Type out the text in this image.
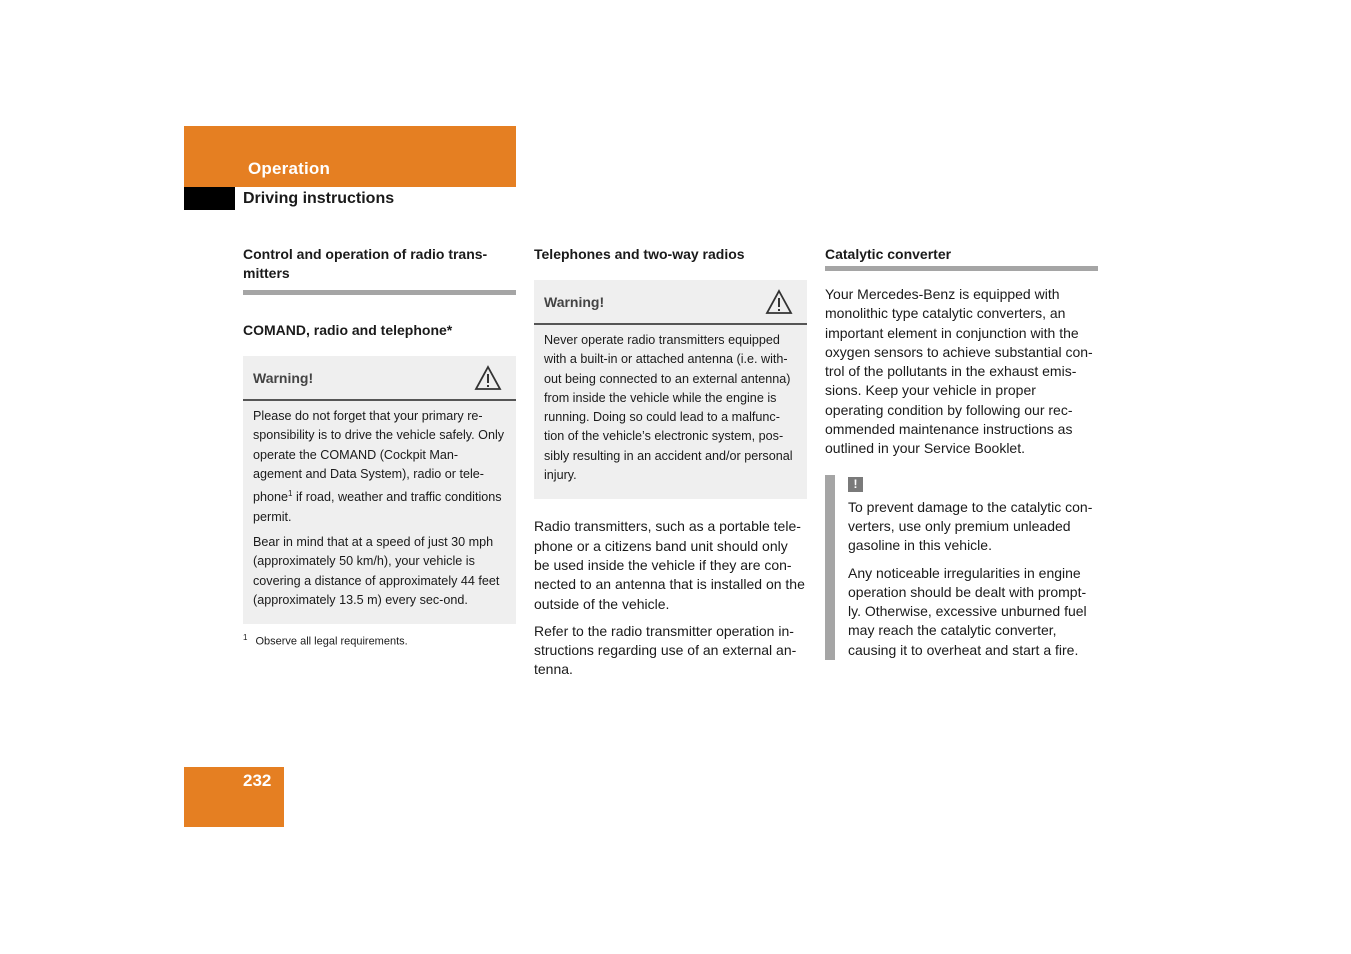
Operation
Driving instructions

Control and operation of radio trans-mitters

COMAND, radio and telephone*
Warning!

Please do not forget that your primary re-sponsibility is to drive the vehicle safely. Only operate the COMAND (Cockpit Man-agement and Data System), radio or tele-phone$^1$ if road, weather and traffic conditions permit.

Bear in mind that at a speed of just 30 mph (approximately 50 km/h), your vehicle is covering a distance of approximately 44 feet (approximately 13.5 m) every sec-ond.

$^1$ Observe all legal requirements.

Telephones and two-way radios

Warning!

Never operate radio transmitters equipped with a built-in or attached antenna (i.e. with-out being connected to an external antenna) from inside the vehicle while the engine is running. Doing so could lead to a malfunc-tion of the vehicle’s electronic system, pos-sibly resulting in an accident and/or personal injury.

Radio transmitters, such as a portable tele-phone or a citizens band unit should only be used inside the vehicle if they are con-nected to an antenna that is installed on the outside of the vehicle.

Refer to the radio transmitter operation in-structions regarding use of an external an-tenna.

Catalytic converter

Your Mercedes-Benz is equipped with monolithic type catalytic converters, an important element in conjunction with the oxygen sensors to achieve substantial con-trol of the pollutants in the exhaust emis-sions. Keep your vehicle in proper operating condition by following our rec-ommended maintenance instructions as outlined in your Service Booklet.

!

To prevent damage to the catalytic con-verters, use only premium unleaded gasoline in this vehicle.

Any noticeable irregularities in engine operation should be dealt with prompt-ly. Otherwise, excessive unburned fuel may reach the catalytic converter, causing it to overheat and start a fire.

232
